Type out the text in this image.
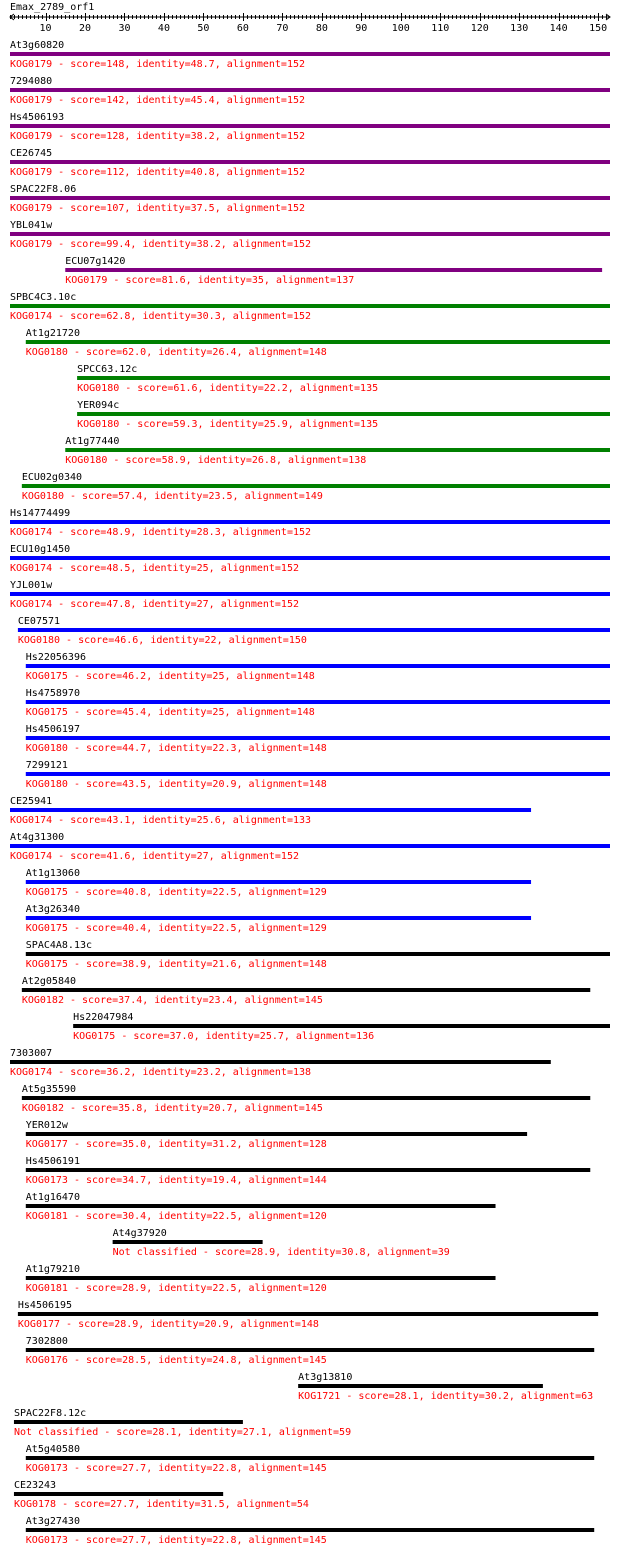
Emax_2789_orf1
10	20	30	40	50	60	70	80	90 100 110 120 130 140 150
At3g60820
KOG0179 - score=148, identity=48.7, alignment=152
7294080
KOG0179 - score=142, identity=45.4, alignment=152
Hs4506193
KOG0179 - score=128, identity=38.2, alignment=152
CE26745
KOG0179 - score=112, identity=40.8, alignment=152
SPAC22F8.06
KOG0179 - score=107, identity=37.5, alignment=152
YBL041w
KOG0179 - score=99.4, identity=38.2, alignment=152
ECU07g1420
KOG0179 - score=81.6, identity=35, alignment=137
SPBC4C3.10c
KOG0174 - score=62.8, identity=30.3, alignment=152
At1g21720
KOG0180 - score=62.0, identity=26.4, alignment=148
SPCC63.12c
KOG0180 - score=61.6, identity=22.2, alignment=135
YER094c
KOG0180 - score=59.3, identity=25.9, alignment=135
At1g77440
KOG0180 - score=58.9, identity=26.8, alignment=138
ECU02g0340
KOG0180 - score=57.4, identity=23.5, alignment=149
Hs14774499
KOG0174 - score=48.9, identity=28.3, alignment=152
ECU10g1450
KOG0174 - score=48.5, identity=25, alignment=152
YJL001w
KOG0174 - score=47.8, identity=27, alignment=152
CE07571
KOG0180 - score=46.6, identity=22, alignment=150
Hs22056396
KOG0175 - score=46.2, identity=25, alignment=148
Hs4758970
KOG0175 - score=45.4, identity=25, alignment=148
Hs4506197
KOG0180 - score=44.7, identity=22.3, alignment=148
7299121
KOG0180 - score=43.5, identity=20.9, alignment=148
CE25941
KOG0174 - score=43.1, identity=25.6, alignment=133
At4g31300
KOG0174 - score=41.6, identity=27, alignment=152
At1g13060
KOG0175 - score=40.8, identity=22.5, alignment=129
At3g26340
KOG0175 - score=40.4, identity=22.5, alignment=129
SPAC4A8.13c
KOG0175 - score=38.9, identity=21.6, alignment=148
At2g05840
KOG0182 - score=37.4, identity=23.4, alignment=145
Hs22047984
KOG0175 - score=37.0, identity=25.7, alignment=136
7303007
KOG0174 - score=36.2, identity=23.2, alignment=138
At5g35590
KOG0182 - score=35.8, identity=20.7, alignment=145
YER012w
KOG0177 - score=35.0, identity=31.2, alignment=128
Hs4506191
KOG0173 - score=34.7, identity=19.4, alignment=144
At1g16470
KOG0181 - score=30.4, identity=22.5, alignment=120
At4g37920
Not classified - score=28.9, identity=30.8, alignment=39
At1g79210
KOG0181 - score=28.9, identity=22.5, alignment=120
Hs4506195
KOG0177 - score=28.9, identity=20.9, alignment=148
7302800
KOG0176 - score=28.5, identity=24.8, alignment=145
At3g13810
KOG1721 - score=28.1, identity=30.2, alignment=63
SPAC22F8.12c
Not classified - score=28.1, identity=27.1, alignment=59
At5g40580
KOG0173 - score=27.7, identity=22.8, alignment=145
CE23243
KOG0178 - score=27.7, identity=31.5, alignment=54
At3g27430
KOG0173 - score=27.7, identity=22.8, alignment=145
